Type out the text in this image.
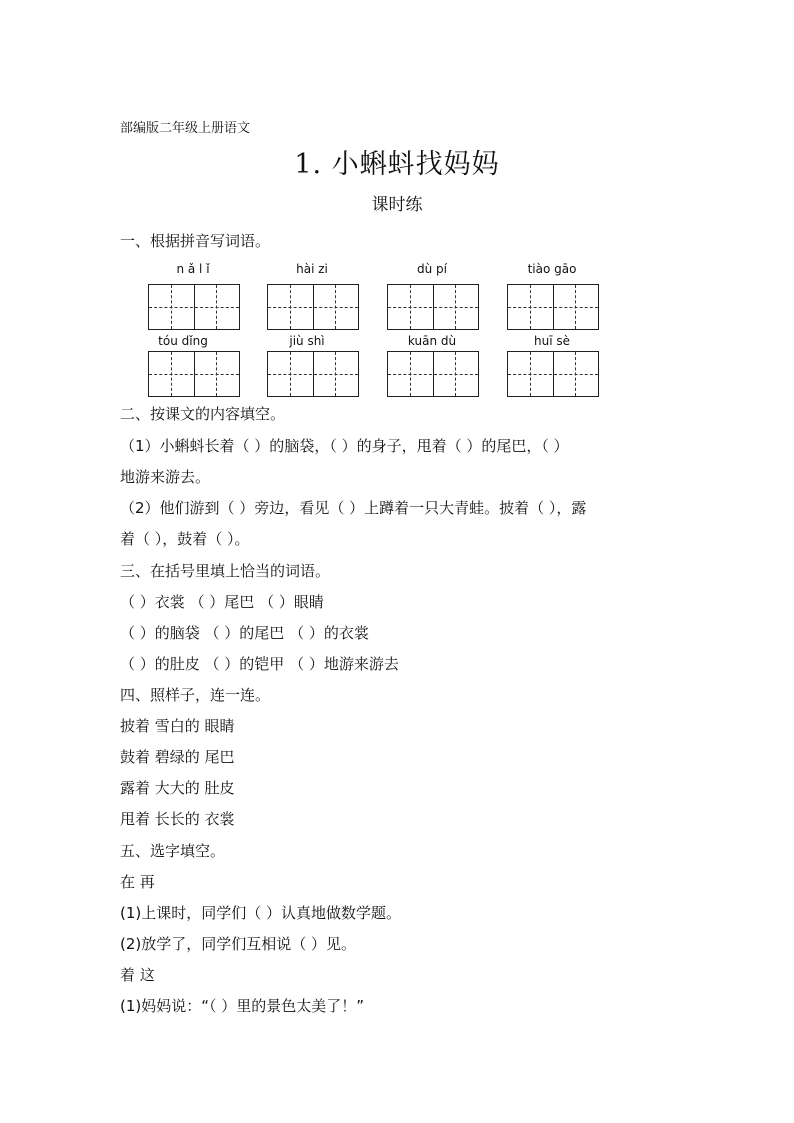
部编版二年级上册语文
1. 小蝌蚪找妈妈
课时练
一、根据拼音写词语。
n ǎ l ǐ	hài zi	dù pí	tiào gāo
tóu dǐng	jiù shì	kuān dù	huī sè
二、按课文的内容填空。
（1）小蝌蚪长着（ ）的脑袋，（ ）的身子，甩着（ ）的尾巴，（ ）
地游来游去。
（2）他们游到（ ）旁边，看见（ ）上蹲着一只大青蛙。披着（ ），露
着（ ），鼓着（ ）。
三、在括号里填上恰当的词语。
（ ）衣裳 （ ）尾巴 （ ）眼睛
（ ）的脑袋 （ ）的尾巴 （ ）的衣裳
（ ）的肚皮 （ ）的铠甲 （ ）地游来游去
四、照样子，连一连。
披着 雪白的 眼睛
鼓着 碧绿的 尾巴
露着 大大的 肚皮
甩着 长长的 衣裳
五、选字填空。
在 再
(1)上课时，同学们（ ）认真地做数学题。
(2)放学了，同学们互相说（ ）见。
着 这
(1)妈妈说：“（ ）里的景色太美了！”
